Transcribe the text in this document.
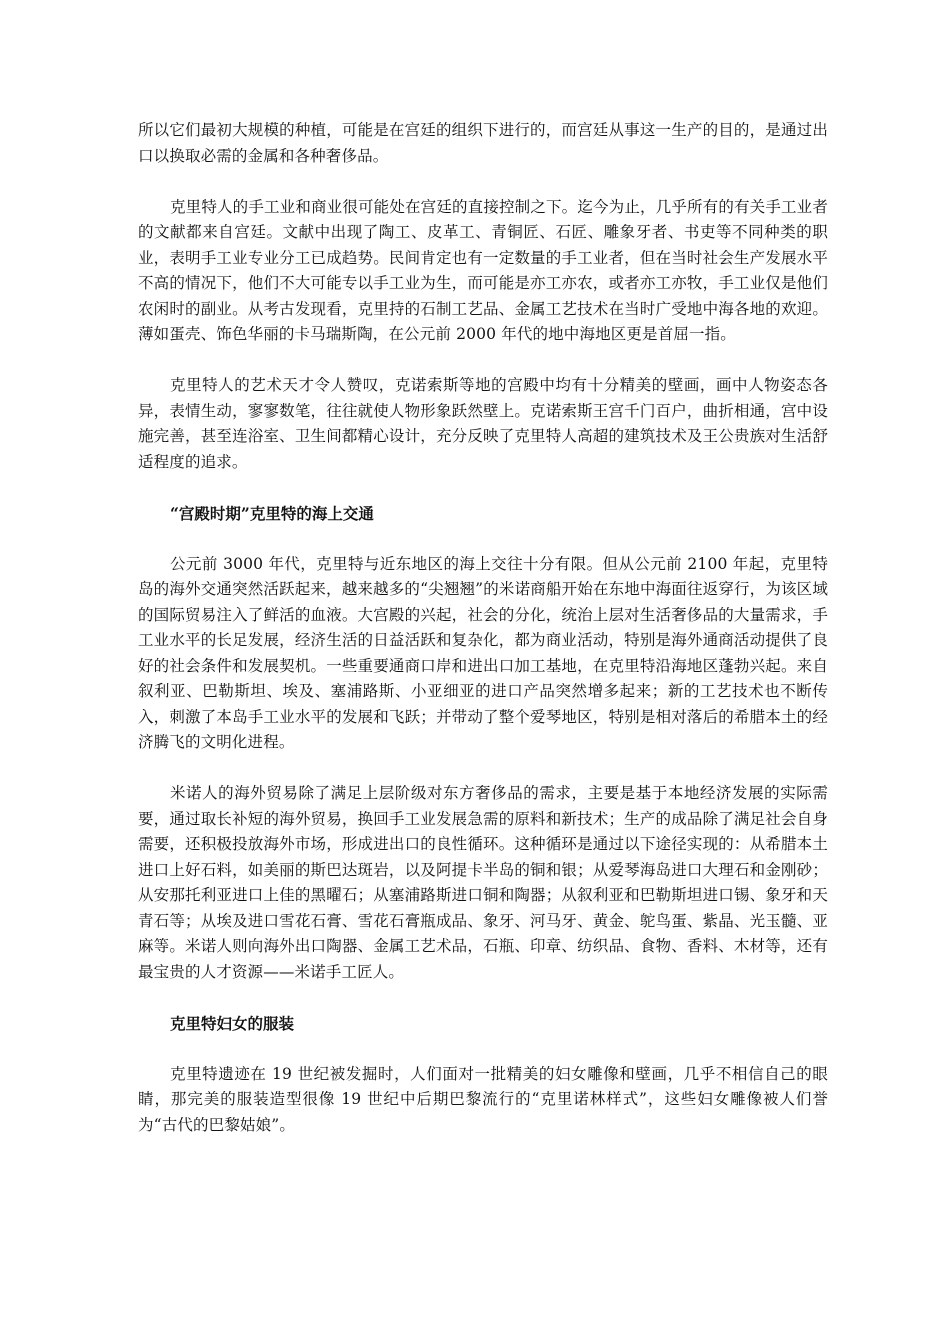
所以它们最初大规模的种植，可能是在宫廷的组织下进行的，而宫廷从事这一生产的目的，是通过出口以换取必需的金属和各种奢侈品。

克里特人的手工业和商业很可能处在宫廷的直接控制之下。迄今为止，几乎所有的有关手工业者的文献都来自宫廷。文献中出现了陶工、皮革工、青铜匠、石匠、雕象牙者、书吏等不同种类的职业，表明手工业专业分工已成趋势。民间肯定也有一定数量的手工业者，但在当时社会生产发展水平不高的情况下，他们不大可能专以手工业为生，而可能是亦工亦农，或者亦工亦牧，手工业仅是他们农闲时的副业。从考古发现看，克里持的石制工艺品、金属工艺技术在当时广受地中海各地的欢迎。薄如蛋壳、饰色华丽的卡马瑞斯陶，在公元前 2000 年代的地中海地区更是首屈一指。

克里特人的艺术天才令人赞叹，克诺索斯等地的宫殿中均有十分精美的壁画，画中人物姿态各异，表情生动，寥寥数笔，往往就使人物形象跃然壁上。克诺索斯王宫千门百户，曲折相通，宫中设施完善，甚至连浴室、卫生间都精心设计，充分反映了克里特人高超的建筑技术及王公贵族对生活舒适程度的追求。

“宫殿时期”克里特的海上交通

公元前 3000 年代，克里特与近东地区的海上交往十分有限。但从公元前 2100 年起，克里特岛的海外交通突然活跃起来，越来越多的“尖翘翘”的米诺商船开始在东地中海面往返穿行，为该区域的国际贸易注入了鲜活的血液。大宫殿的兴起，社会的分化，统治上层对生活奢侈品的大量需求，手工业水平的长足发展，经济生活的日益活跃和复杂化，都为商业活动，特别是海外通商活动提供了良好的社会条件和发展契机。一些重要通商口岸和进出口加工基地，在克里特沿海地区蓬勃兴起。来自叙利亚、巴勒斯坦、埃及、塞浦路斯、小亚细亚的进口产品突然增多起来；新的工艺技术也不断传入，刺激了本岛手工业水平的发展和飞跃；并带动了整个爱琴地区，特别是相对落后的希腊本土的经济腾飞的文明化进程。

米诺人的海外贸易除了满足上层阶级对东方奢侈品的需求，主要是基于本地经济发展的实际需要，通过取长补短的海外贸易，换回手工业发展急需的原料和新技术；生产的成品除了满足社会自身需要，还积极投放海外市场，形成进出口的良性循环。这种循环是通过以下途径实现的：从希腊本土进口上好石料，如美丽的斯巴达斑岩，以及阿提卡半岛的铜和银；从爱琴海岛进口大理石和金刚砂；从安那托利亚进口上佳的黑曜石；从塞浦路斯进口铜和陶器；从叙利亚和巴勒斯坦进口锡、象牙和天青石等；从埃及进口雪花石膏、雪花石膏瓶成品、象牙、河马牙、黄金、鸵鸟蛋、紫晶、光玉髓、亚麻等。米诺人则向海外出口陶器、金属工艺术品，石瓶、印章、纺织品、食物、香料、木材等，还有最宝贵的人才资源——米诺手工匠人。

克里特妇女的服装

克里特遗迹在 19 世纪被发掘时，人们面对一批精美的妇女雕像和壁画，几乎不相信自己的眼睛，那完美的服装造型很像 19 世纪中后期巴黎流行的“克里诺林样式”，这些妇女雕像被人们誉为“古代的巴黎姑娘”。
